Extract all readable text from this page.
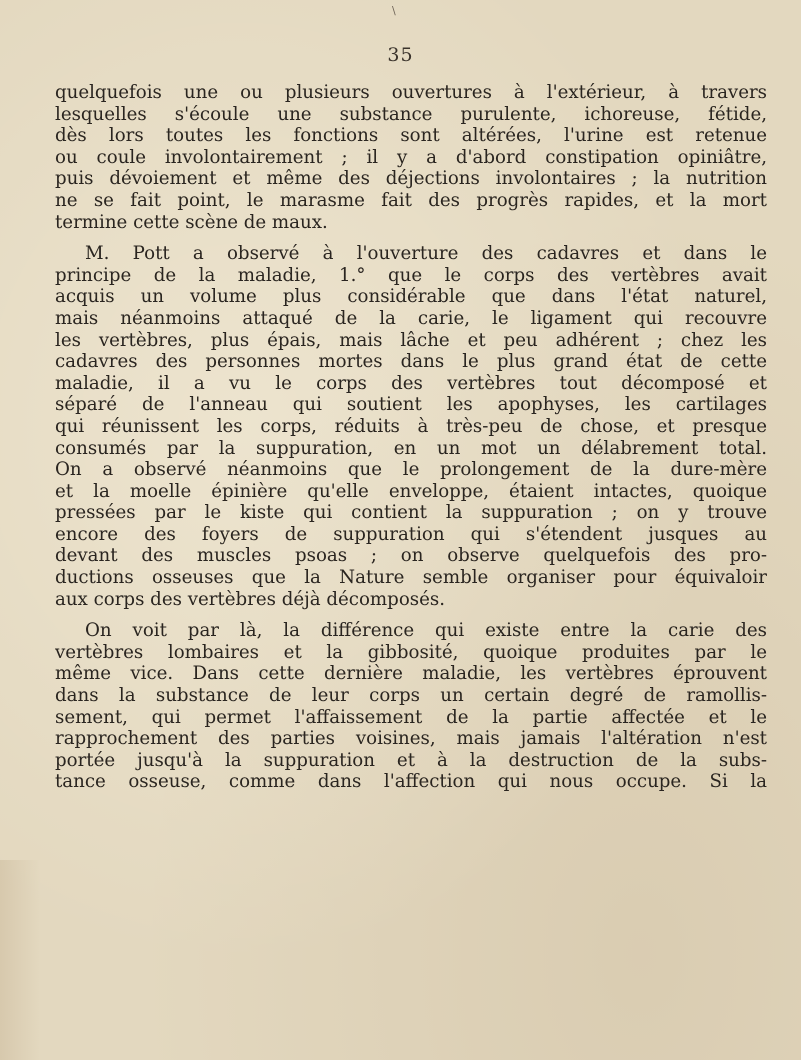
\
35
quelquefois une ou plusieurs ouvertures à l'extérieur, à travers
lesquelles s'écoule une substance purulente, ichoreuse, fétide,
dès lors toutes les fonctions sont altérées, l'urine est retenue
ou coule involontairement ; il y a d'abord constipation opiniâtre,
puis dévoiement et même des déjections involontaires ; la nutrition
ne se fait point, le marasme fait des progrès rapides, et la mort
termine cette scène de maux.
M. Pott a observé à l'ouverture des cadavres et dans le
principe de la maladie, 1.° que le corps des vertèbres avait
acquis un volume plus considérable que dans l'état naturel,
mais néanmoins attaqué de la carie, le ligament qui recouvre
les vertèbres, plus épais, mais lâche et peu adhérent ; chez les
cadavres des personnes mortes dans le plus grand état de cette
maladie, il a vu le corps des vertèbres tout décomposé et
séparé de l'anneau qui soutient les apophyses, les cartilages
qui réunissent les corps, réduits à très-peu de chose, et presque
consumés par la suppuration, en un mot un délabrement total.
On a observé néanmoins que le prolongement de la dure-mère
et la moelle épinière qu'elle enveloppe, étaient intactes, quoique
pressées par le kiste qui contient la suppuration ; on y trouve
encore des foyers de suppuration qui s'étendent jusques au
devant des muscles psoas ; on observe quelquefois des pro-
ductions osseuses que la Nature semble organiser pour équivaloir
aux corps des vertèbres déjà décomposés.
On voit par là, la différence qui existe entre la carie des
vertèbres lombaires et la gibbosité, quoique produites par le
même vice. Dans cette dernière maladie, les vertèbres éprouvent
dans la substance de leur corps un certain degré de ramollis-
sement, qui permet l'affaissement de la partie affectée et le
rapprochement des parties voisines, mais jamais l'altération n'est
portée jusqu'à la suppuration et à la destruction de la subs-
tance osseuse, comme dans l'affection qui nous occupe. Si la
